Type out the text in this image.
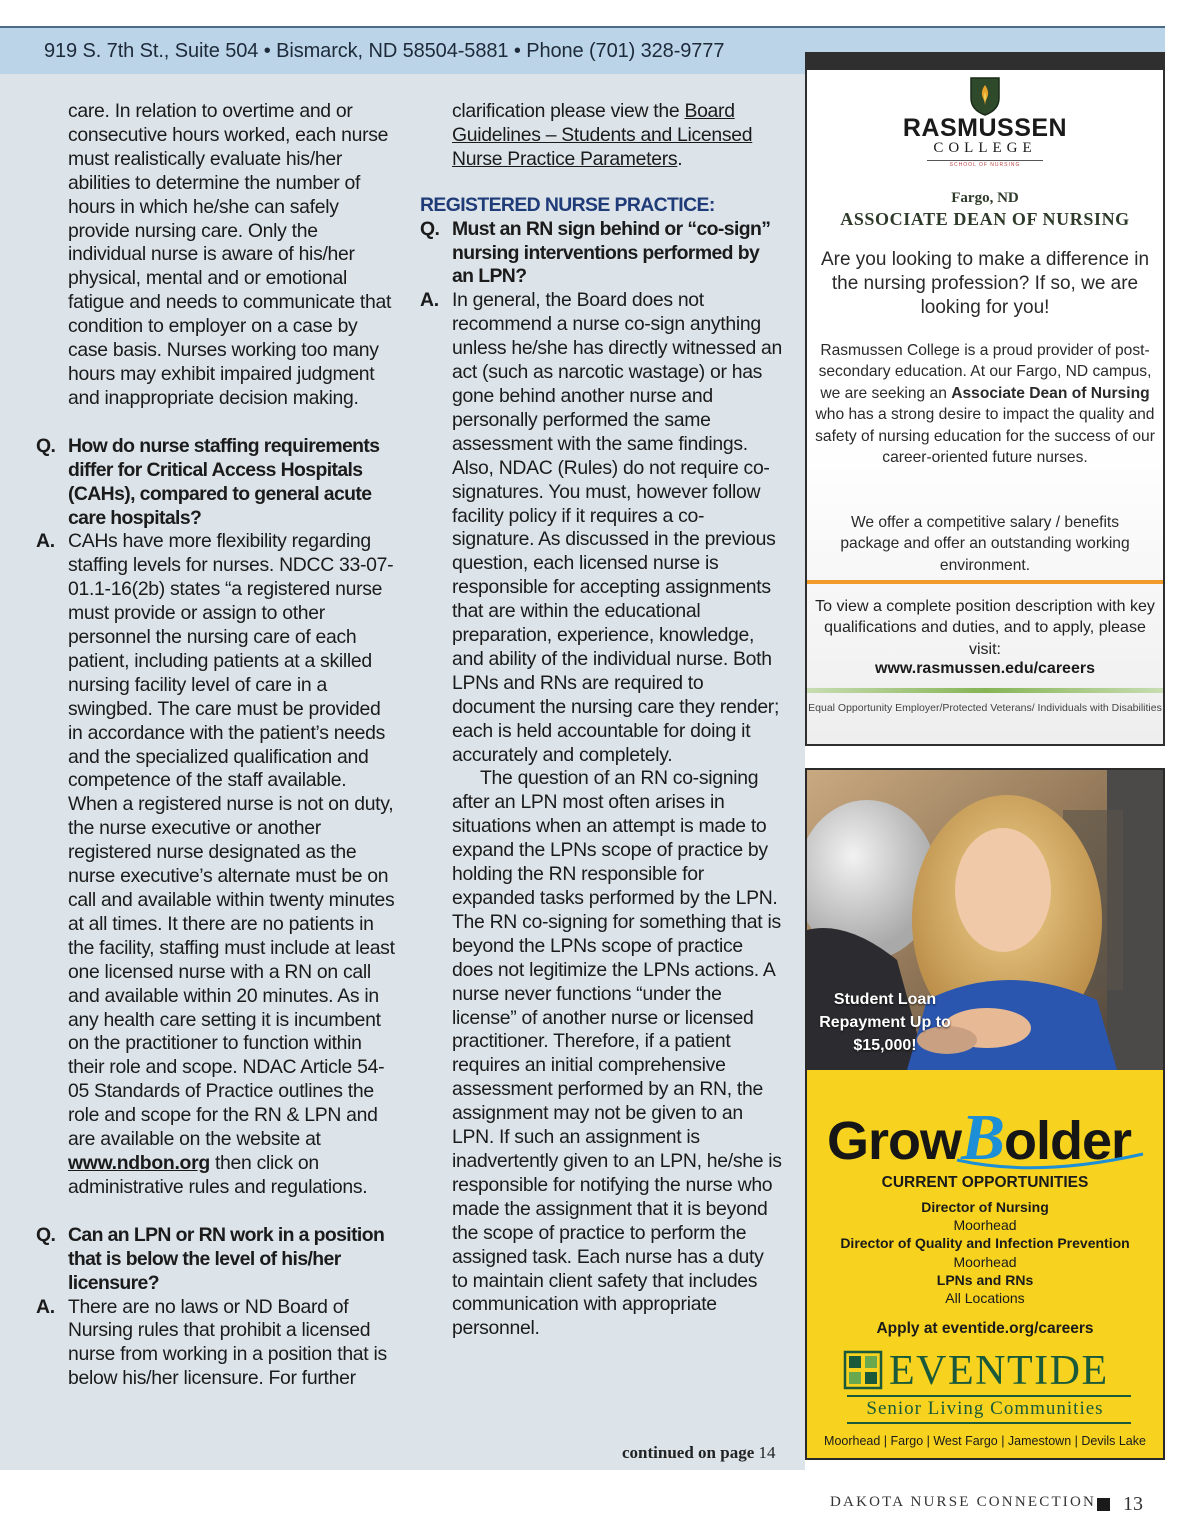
919 S. 7th St., Suite 504 • Bismarck, ND 58504-5881 • Phone (701) 328-9777
care. In relation to overtime and or consecutive hours worked, each nurse must realistically evaluate his/her abilities to determine the number of hours in which he/she can safely provide nursing care. Only the individual nurse is aware of his/her physical, mental and or emotional fatigue and needs to communicate that condition to employer on a case by case basis. Nurses working too many hours may exhibit impaired judgment and inappropriate decision making.
Q. How do nurse staffing requirements differ for Critical Access Hospitals (CAHs), compared to general acute care hospitals?
A. CAHs have more flexibility regarding staffing levels for nurses. NDCC 33-07-01.1-16(2b) states “a registered nurse must provide or assign to other personnel the nursing care of each patient, including patients at a skilled nursing facility level of care in a swingbed. The care must be provided in accordance with the patient’s needs and the specialized qualification and competence of the staff available. When a registered nurse is not on duty, the nurse executive or another registered nurse designated as the nurse executive’s alternate must be on call and available within twenty minutes at all times. It there are no patients in the facility, staffing must include at least one licensed nurse with a RN on call and available within 20 minutes. As in any health care setting it is incumbent on the practitioner to function within their role and scope. NDAC Article 54-05 Standards of Practice outlines the role and scope for the RN & LPN and are available on the website at www.ndbon.org then click on administrative rules and regulations.
Q. Can an LPN or RN work in a position that is below the level of his/her licensure?
A. There are no laws or ND Board of Nursing rules that prohibit a licensed nurse from working in a position that is below his/her licensure. For further
clarification please view the Board Guidelines – Students and Licensed Nurse Practice Parameters.
REGISTERED NURSE PRACTICE:
Q. Must an RN sign behind or “co-sign” nursing interventions performed by an LPN?
A. In general, the Board does not recommend a nurse co-sign anything unless he/she has directly witnessed an act (such as narcotic wastage) or has gone behind another nurse and personally performed the same assessment with the same findings. Also, NDAC (Rules) do not require co-signatures. You must, however follow facility policy if it requires a co-signature. As discussed in the previous question, each licensed nurse is responsible for accepting assignments that are within the educational preparation, experience, knowledge, and ability of the individual nurse. Both LPNs and RNs are required to document the nursing care they render; each is held accountable for doing it accurately and completely.
The question of an RN co-signing after an LPN most often arises in situations when an attempt is made to expand the LPNs scope of practice by holding the RN responsible for expanded tasks performed by the LPN. The RN co-signing for something that is beyond the LPNs scope of practice does not legitimize the LPNs actions. A nurse never functions “under the license” of another nurse or licensed practitioner. Therefore, if a patient requires an initial comprehensive assessment performed by an RN, the assignment may not be given to an LPN. If such an assignment is inadvertently given to an LPN, he/she is responsible for notifying the nurse who made the assignment that it is beyond the scope of practice to perform the assigned task. Each nurse has a duty to maintain client safety that includes communication with appropriate personnel.
continued on page 14
RASMUSSEN
COLLEGE
SCHOOL OF NURSING
Fargo, ND
ASSOCIATE DEAN OF NURSING
Are you looking to make a difference in the nursing profession? If so, we are looking for you!
Rasmussen College is a proud provider of post-secondary education. At our Fargo, ND campus, we are seeking an Associate Dean of Nursing who has a strong desire to impact the quality and safety of nursing education for the success of our career-oriented future nurses.
We offer a competitive salary / benefits package and offer an outstanding working environment.
To view a complete position description with key qualifications and duties, and to apply, please visit:
www.rasmussen.edu/careers
Equal Opportunity Employer/Protected Veterans/ Individuals with Disabilities
Student Loan Repayment Up to $15,000!
GrowBolder
CURRENT OPPORTUNITIES
Director of Nursing
Moorhead
Director of Quality and Infection Prevention
Moorhead
LPNs and RNs
All Locations
Apply at eventide.org/careers
EVENTIDE
Senior Living Communities
Moorhead | Fargo | West Fargo | Jamestown | Devils Lake
DAKOTA NURSE CONNECTION 13
